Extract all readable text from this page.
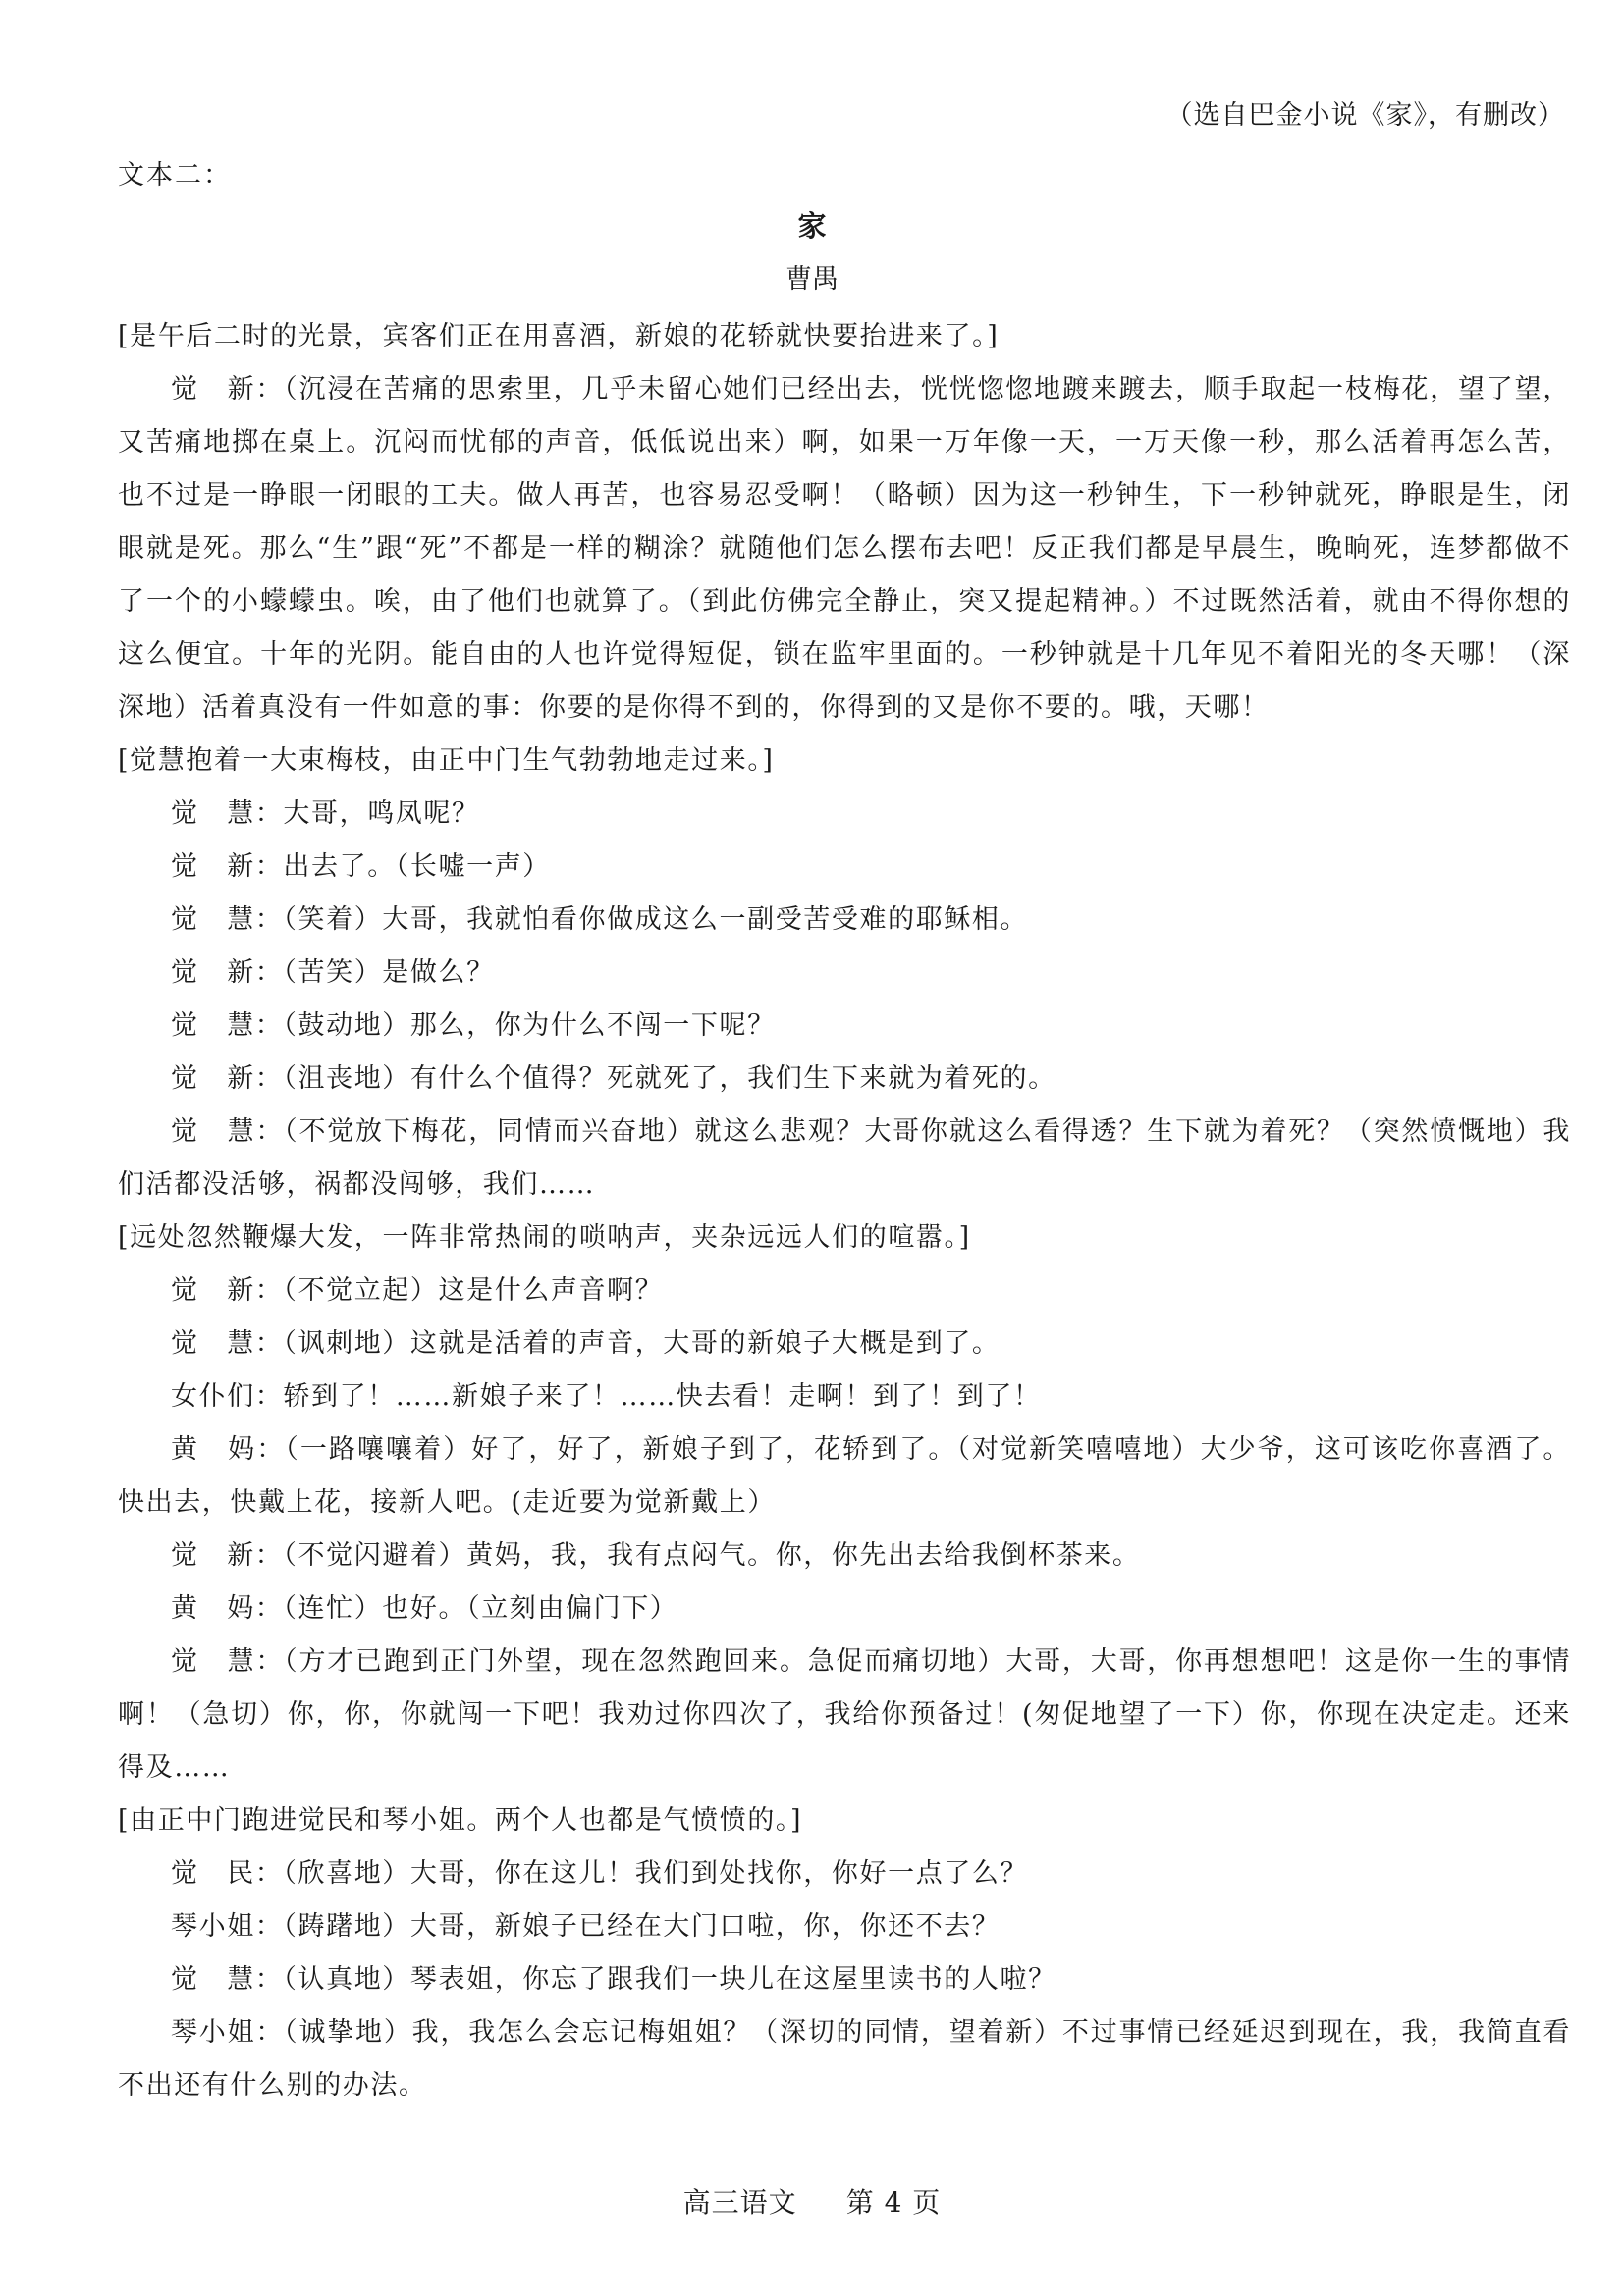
（选自巴金小说《家》，有删改）
文本二：
家
曹禺

[是午后二时的光景，宾客们正在用喜酒，新娘的花轿就快要抬进来了。]

觉　新：（沉浸在苦痛的思索里，几乎未留心她们已经出去，恍恍惚惚地踱来踱去，顺手取起一枝梅花，望了望，又苦痛地掷在桌上。沉闷而忧郁的声音，低低说出来）啊，如果一万年像一天，一万天像一秒，那么活着再怎么苦，也不过是一睁眼一闭眼的工夫。做人再苦，也容易忍受啊！（略顿）因为这一秒钟生，下一秒钟就死，睁眼是生，闭眼就是死。那么“生”跟“死”不都是一样的糊涂？就随他们怎么摆布去吧！反正我们都是早晨生，晚晌死，连梦都做不了一个的小蠓蠓虫。唉，由了他们也就算了。（到此仿佛完全静止，突又提起精神。）不过既然活着，就由不得你想的这么便宜。十年的光阴。能自由的人也许觉得短促，锁在监牢里面的。一秒钟就是十几年见不着阳光的冬天哪！（深深地）活着真没有一件如意的事：你要的是你得不到的，你得到的又是你不要的。哦，天哪！

[觉慧抱着一大束梅枝，由正中门生气勃勃地走过来。]

觉　慧：大哥，鸣凤呢？

觉　新：出去了。（长嘘一声）

觉　慧：（笑着）大哥，我就怕看你做成这么一副受苦受难的耶稣相。

觉　新：（苦笑）是做么？

觉　慧：（鼓动地）那么，你为什么不闯一下呢？

觉　新：（沮丧地）有什么个值得？死就死了，我们生下来就为着死的。

觉　慧：（不觉放下梅花，同情而兴奋地）就这么悲观？大哥你就这么看得透？生下就为着死？（突然愤慨地）我们活都没活够，祸都没闯够，我们……

[远处忽然鞭爆大发，一阵非常热闹的唢呐声，夹杂远远人们的喧嚣。]

觉　新：（不觉立起）这是什么声音啊？

觉　慧：（讽刺地）这就是活着的声音，大哥的新娘子大概是到了。

女仆们：轿到了！……新娘子来了！……快去看！走啊！到了！到了！

黄　妈：（一路嚷嚷着）好了，好了，新娘子到了，花轿到了。（对觉新笑嘻嘻地）大少爷，这可该吃你喜酒了。快出去，快戴上花，接新人吧。(走近要为觉新戴上）

觉　新：（不觉闪避着）黄妈，我，我有点闷气。你，你先出去给我倒杯茶来。

黄　妈：（连忙）也好。（立刻由偏门下）

觉　慧：（方才已跑到正门外望，现在忽然跑回来。急促而痛切地）大哥，大哥，你再想想吧！这是你一生的事情啊！（急切）你，你，你就闯一下吧！我劝过你四次了，我给你预备过！(匆促地望了一下）你，你现在决定走。还来得及……

[由正中门跑进觉民和琴小姐。两个人也都是气愤愤的。]

觉　民：（欣喜地）大哥，你在这儿！我们到处找你，你好一点了么？

琴小姐：（踌躇地）大哥，新娘子已经在大门口啦，你，你还不去？

觉　慧：（认真地）琴表姐，你忘了跟我们一块儿在这屋里读书的人啦？

琴小姐：（诚挚地）我，我怎么会忘记梅姐姐？（深切的同情，望着新）不过事情已经延迟到现在，我，我简直看不出还有什么别的办法。

高三语文 第 4 页
